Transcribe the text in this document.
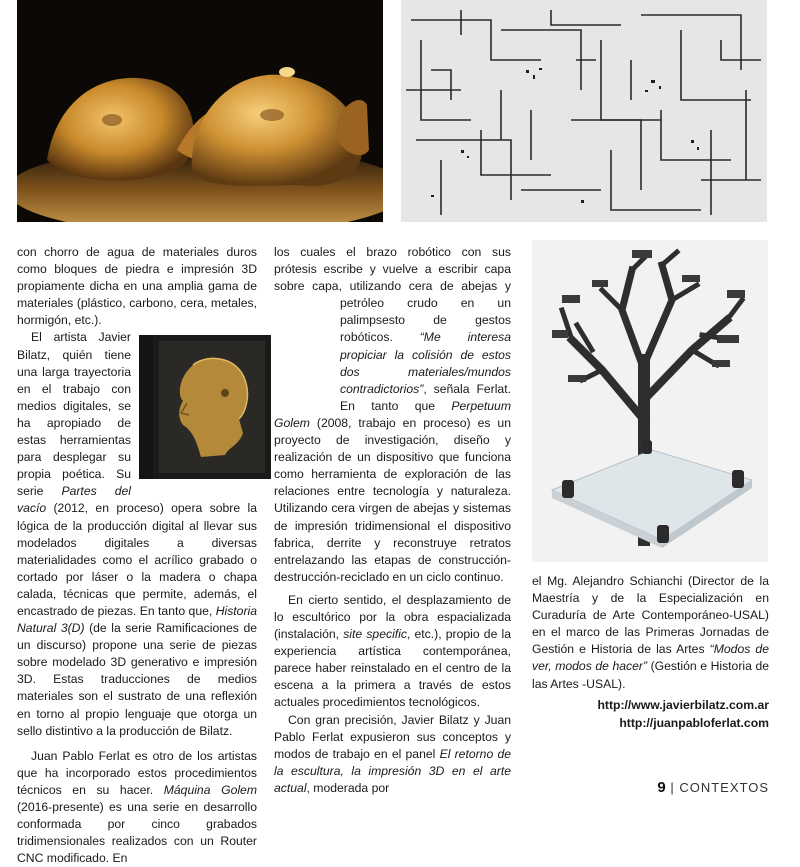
con chorro de agua de materiales duros como bloques de piedra e impresión 3D propiamente dicha en una amplia gama de materiales (plástico, carbono, cera, metales, hormigón, etc.).

El artista Javier Bilatz, quién tiene una larga trayectoria en el trabajo con medios digitales, se ha apropiado de estas herramientas para desplegar su propia poética. Su serie Partes del vacío (2012, en proceso) opera sobre la lógica de la producción digital al llevar sus modelados digitales a diversas materialidades como el acrílico grabado o cortado por láser o la madera o chapa calada, técnicas que permite, además, el encastrado de piezas. En tanto que, Historia Natural 3(D) (de la serie Ramificaciones de un discurso) propone una serie de piezas sobre modelado 3D generativo e impresión 3D. Estas traducciones de medios materiales son el sustrato de una reflexión en torno al propio lenguaje que otorga un sello distintivo a la producción de Bilatz.

Juan Pablo Ferlat es otro de los artistas que ha incorporado estos procedimientos técnicos en su hacer. Máquina Golem (2016-presente) es una serie en desarrollo conformada por cinco grabados tridimensionales realizados con un Router CNC modificado. En

los cuales el brazo robótico con sus prótesis escribe y vuelve a escribir capa sobre capa, utilizando cera de abejas y petróleo crudo en un palimpsesto de gestos robóticos. “Me interesa propiciar la colisión de estos dos materiales/mundos contradictorios”, señala Ferlat. En tanto que Perpetuum Golem (2008, trabajo en proceso) es un proyecto de investigación, diseño y realización de un dispositivo que funciona como herramienta de exploración de las relaciones entre tecnología y naturaleza. Utilizando cera virgen de abejas y sistemas de impresión tridimensional el dispositivo fabrica, derrite y reconstruye retratos entrelazando las etapas de construcción-destrucción-reciclado en un ciclo continuo.

En cierto sentido, el desplazamiento de lo escultórico por la obra espacializada (instalación, site specific, etc.), propio de la experiencia artística contemporánea, parece haber reinstalado en el centro de la escena a la primera a través de estos actuales procedimientos tecnológicos.

Con gran precisión, Javier Bilatz y Juan Pablo Ferlat expusieron sus conceptos y modos de trabajo en el panel El retorno de la escultura, la impresión 3D en el arte actual, moderada por

el Mg. Alejandro Schianchi (Director de la Maestría y de la Especialización en Curaduría de Arte Contemporáneo-USAL) en el marco de las Primeras Jornadas de Gestión e Historia de las Artes “Modos de ver, modos de hacer” (Gestión e Historia de las Artes -USAL).

http://www.javierbilatz.com.ar
http://juanpabloferlat.com
9 | CONTEXTOS
